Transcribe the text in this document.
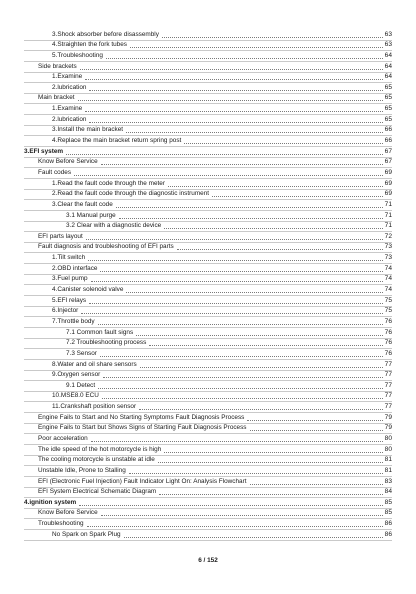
3.Shock absorber before disassembly	63
4.Straighten the fork tubes	63
5.Troubleshooting	64
Side brackets	64
1.Examine	64
2.lubrication	65
Main bracket	65
1.Examine	65
2.lubrication	65
3.Install the main bracket	66
4.Replace the main bracket return spring post	66
3.EFI system	67
Know Before Service	67
Fault codes	69
1.Read the fault code through the meter	69
2.Read the fault code through the diagnostic instrument	69
3.Clear the fault code	71
3.1 Manual purge	71
3.2 Clear with a diagnostic device	71
EFI parts layout	72
Fault diagnosis and troubleshooting of EFI parts	73
1.Tilt switch	73
2.OBD interface	74
3.Fuel pump	74
4.Canister solenoid valve	74
5.EFI relays	75
6.Injector	75
7.Throttle body	76
7.1 Common fault signs	76
7.2 Troubleshooting process	76
7.3 Sensor	76
8.Water and oil share sensors	77
9.Oxygen sensor	77
9.1 Detect	77
10.MSE8.0 ECU	77
11.Crankshaft position sensor	77
Engine Fails to Start and No Starting Symptoms Fault Diagnosis Process	79
Engine Fails to Start but Shows Signs of Starting Fault Diagnosis Process	79
Poor acceleration	80
The idle speed of the hot motorcycle is high	80
The cooling motorcycle is unstable at idle	81
Unstable Idle, Prone to Stalling	81
EFI (Electronic Fuel Injection) Fault Indicator Light On: Analysis Flowchart	83
EFI System Electrical Schematic Diagram	84
4.ignition system	85
Know Before Service	85
Troubleshooting	86
No Spark on Spark Plug	86
6 / 152
